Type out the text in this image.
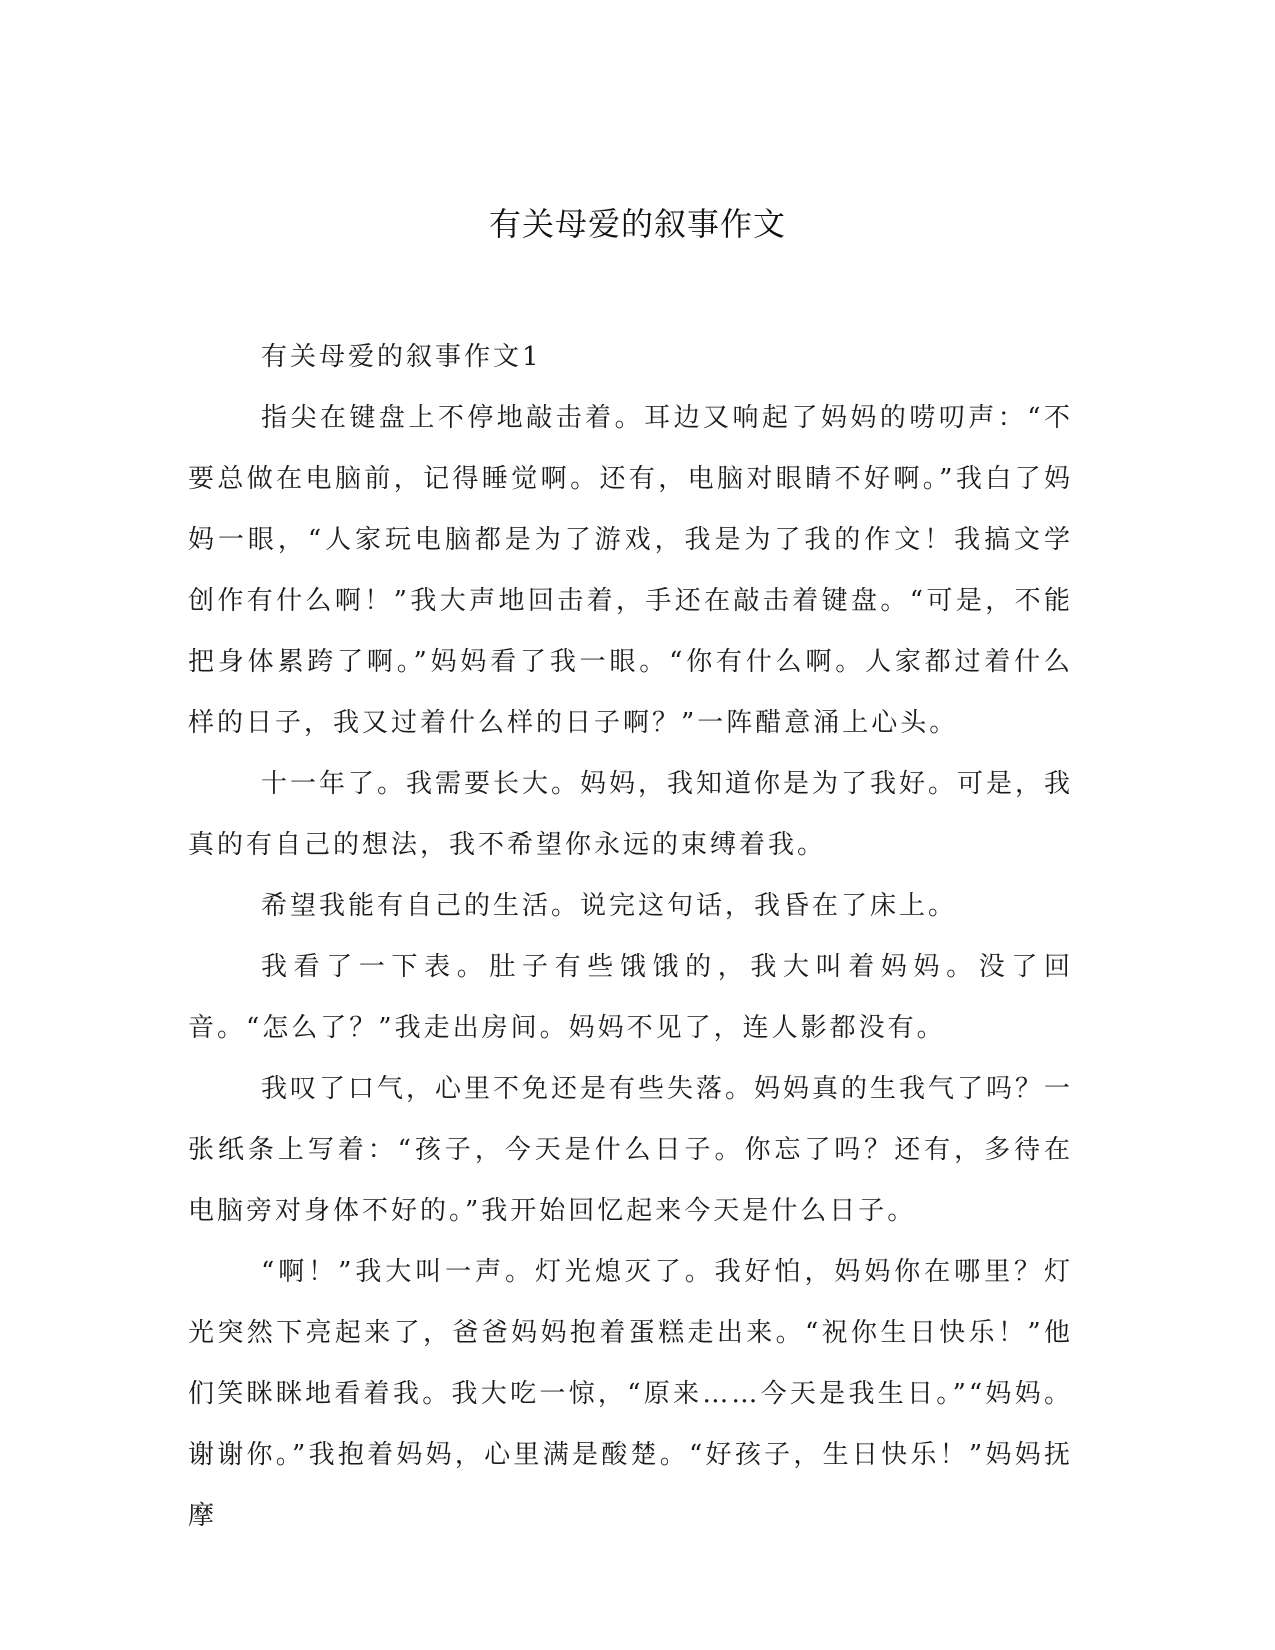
有关母爱的叙事作文

有关母爱的叙事作文1

指尖在键盘上不停地敲击着。耳边又响起了妈妈的唠叨声：“不要总做在电脑前，记得睡觉啊。还有，电脑对眼睛不好啊。”我白了妈妈一眼，“人家玩电脑都是为了游戏，我是为了我的作文！我搞文学创作有什么啊！”我大声地回击着，手还在敲击着键盘。“可是，不能把身体累跨了啊。”妈妈看了我一眼。“你有什么啊。人家都过着什么样的日子，我又过着什么样的日子啊？”一阵醋意涌上心头。

十一年了。我需要长大。妈妈，我知道你是为了我好。可是，我真的有自己的想法，我不希望你永远的束缚着我。

希望我能有自己的生活。说完这句话，我昏在了床上。

我看了一下表。肚子有些饿饿的，我大叫着妈妈。没了回音。“怎么了？”我走出房间。妈妈不见了，连人影都没有。

我叹了口气，心里不免还是有些失落。妈妈真的生我气了吗？一张纸条上写着：“孩子，今天是什么日子。你忘了吗？还有，多待在电脑旁对身体不好的。”我开始回忆起来今天是什么日子。

“啊！”我大叫一声。灯光熄灭了。我好怕，妈妈你在哪里？灯光突然下亮起来了，爸爸妈妈抱着蛋糕走出来。“祝你生日快乐！”他们笑眯眯地看着我。我大吃一惊，“原来……今天是我生日。”“妈妈。谢谢你。”我抱着妈妈，心里满是酸楚。“好孩子，生日快乐！”妈妈抚摩
